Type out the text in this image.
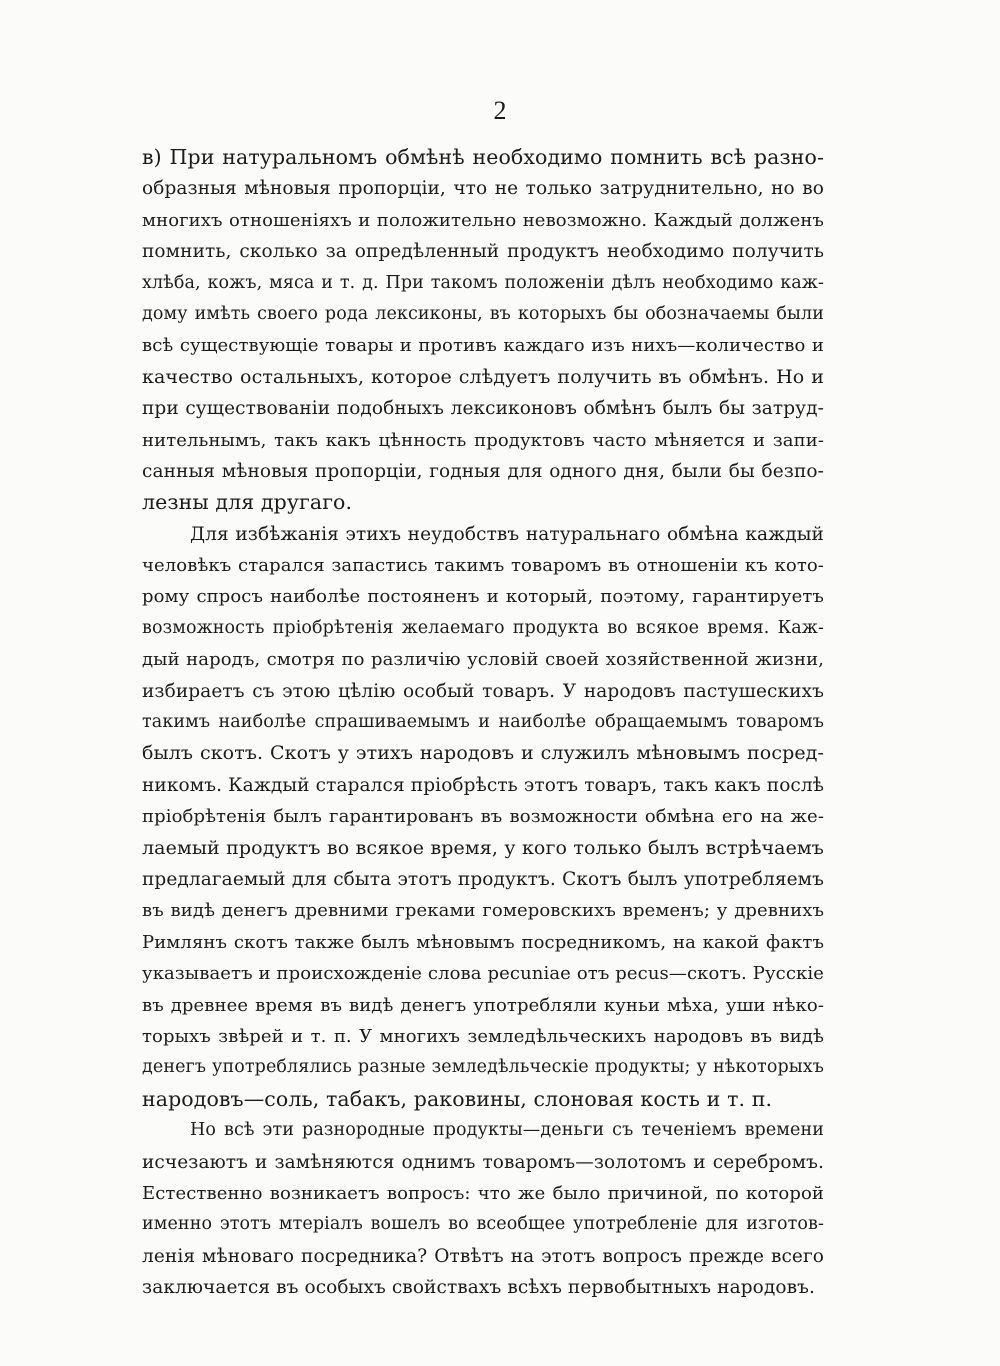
2
в) При натуральномъ обмѣнѣ необходимо помнить всѣ разно-
образныя мѣновыя пропорціи, что не только затруднительно, но во
многихъ отношеніяхъ и положительно невозможно. Каждый долженъ
помнить, сколько за опредѣленный продуктъ необходимо получить
хлѣба, кожъ, мяса и т. д. При такомъ положеніи дѣлъ необходимо каж-
дому имѣть своего рода лексиконы, въ которыхъ бы обозначаемы были
всѣ существующіе товары и противъ каждаго изъ нихъ—количество и
качество остальныхъ, которое слѣдуетъ получить въ обмѣнъ. Но и
при существованіи подобныхъ лексиконовъ обмѣнъ былъ бы затруд-
нительнымъ, такъ какъ цѣнность продуктовъ часто мѣняется и запи-
санныя мѣновыя пропорціи, годныя для одного дня, были бы безпо-
лезны для другаго.
Для избѣжанія этихъ неудобствъ натуральнаго обмѣна каждый
человѣкъ старался запастись такимъ товаромъ въ отношеніи къ кото-
рому спросъ наиболѣе постояненъ и который, поэтому, гарантируетъ
возможность пріобрѣтенія желаемаго продукта во всякое время. Каж-
дый народъ, смотря по различію условій своей хозяйственной жизни,
избираетъ съ этою цѣлію особый товаръ. У народовъ пастушескихъ
такимъ наиболѣе спрашиваемымъ и наиболѣе обращаемымъ товаромъ
былъ скотъ. Скотъ у этихъ народовъ и служилъ мѣновымъ посред-
никомъ. Каждый старался пріобрѣсть этотъ товаръ, такъ какъ послѣ
пріобрѣтенія былъ гарантированъ въ возможности обмѣна его на же-
лаемый продуктъ во всякое время, у кого только былъ встрѣчаемъ
предлагаемый для сбыта этотъ продуктъ. Скотъ былъ употребляемъ
въ видѣ денегъ древними греками гомеровскихъ временъ; у древнихъ
Римлянъ скотъ также былъ мѣновымъ посредникомъ, на какой фактъ
указываетъ и происхожденіе слова pecuniae отъ pecus—скотъ. Русскіе
въ древнее время въ видѣ денегъ употребляли куньи мѣха, уши нѣко-
торыхъ звѣрей и т. п. У многихъ земледѣльческихъ народовъ въ видѣ
денегъ употреблялись разные земледѣльческіе продукты; у нѣкоторыхъ
народовъ—соль, табакъ, раковины, слоновая кость и т. п.
Но всѣ эти разнородные продукты—деньги съ теченіемъ времени
исчезаютъ и замѣняются однимъ товаромъ—золотомъ и серебромъ.
Естественно возникаетъ вопросъ: что же было причиной, по которой
именно этотъ мтеріалъ вошелъ во всеобщее употребленіе для изготов-
ленія мѣноваго посредника? Отвѣтъ на этотъ вопросъ прежде всего
заключается въ особыхъ свойствахъ всѣхъ первобытныхъ народовъ.
